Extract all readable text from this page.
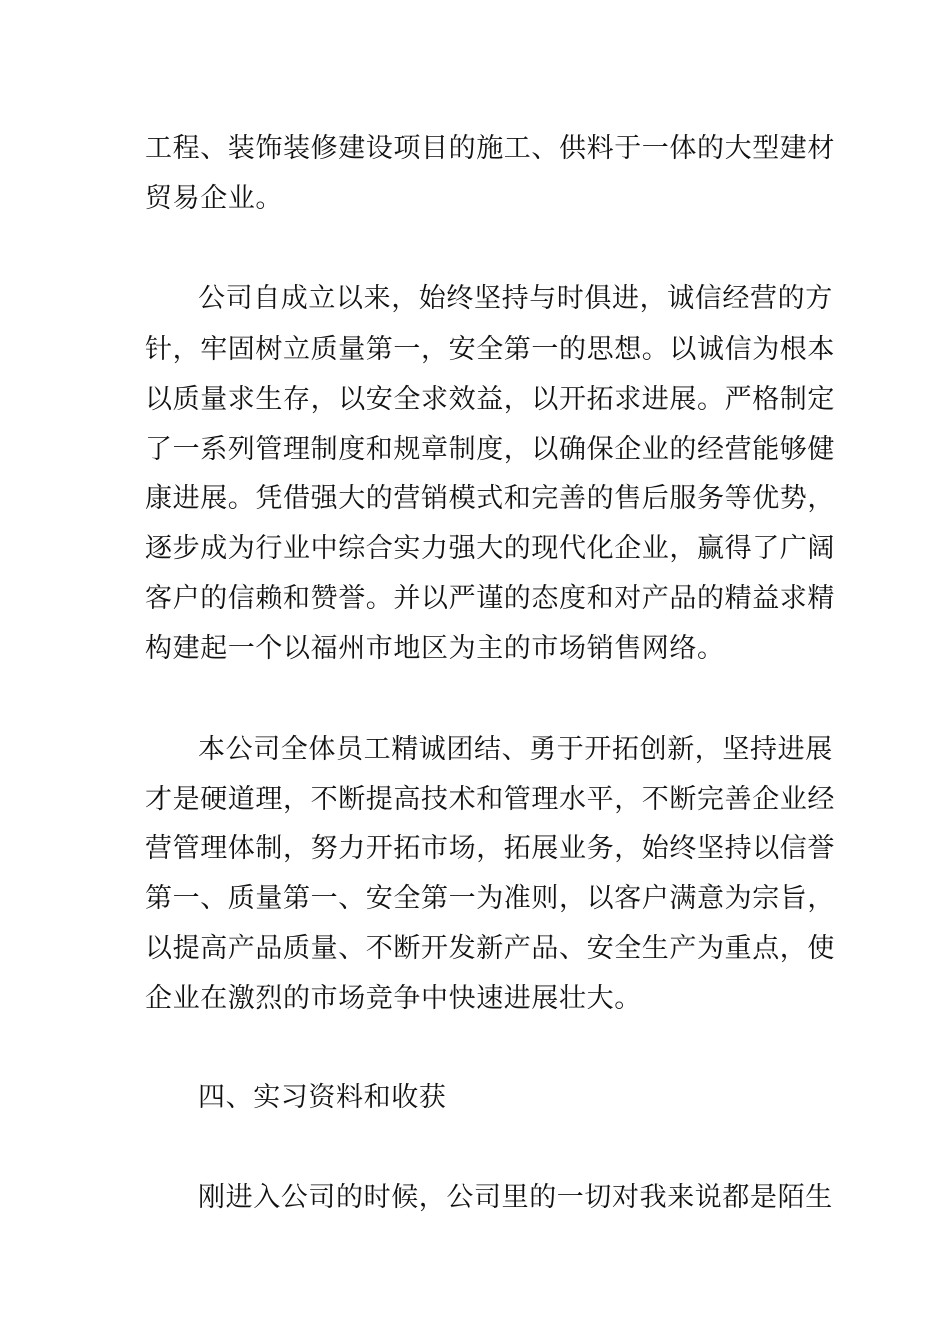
工程、装饰装修建设项目的施工、供料于一体的大型建材
贸易企业。
公司自成立以来，始终坚持与时俱进，诚信经营的方
针，牢固树立质量第一，安全第一的思想。以诚信为根本
以质量求生存，以安全求效益，以开拓求进展。严格制定
了一系列管理制度和规章制度，以确保企业的经营能够健
康进展。凭借强大的营销模式和完善的售后服务等优势，
逐步成为行业中综合实力强大的现代化企业，赢得了广阔
客户的信赖和赞誉。并以严谨的态度和对产品的精益求精
构建起一个以福州市地区为主的市场销售网络。
本公司全体员工精诚团结、勇于开拓创新，坚持进展
才是硬道理，不断提高技术和管理水平，不断完善企业经
营管理体制，努力开拓市场，拓展业务，始终坚持以信誉
第一、质量第一、安全第一为准则，以客户满意为宗旨，
以提高产品质量、不断开发新产品、安全生产为重点，使
企业在激烈的市场竞争中快速进展壮大。
四、实习资料和收获
刚进入公司的时候，公司里的一切对我来说都是陌生
